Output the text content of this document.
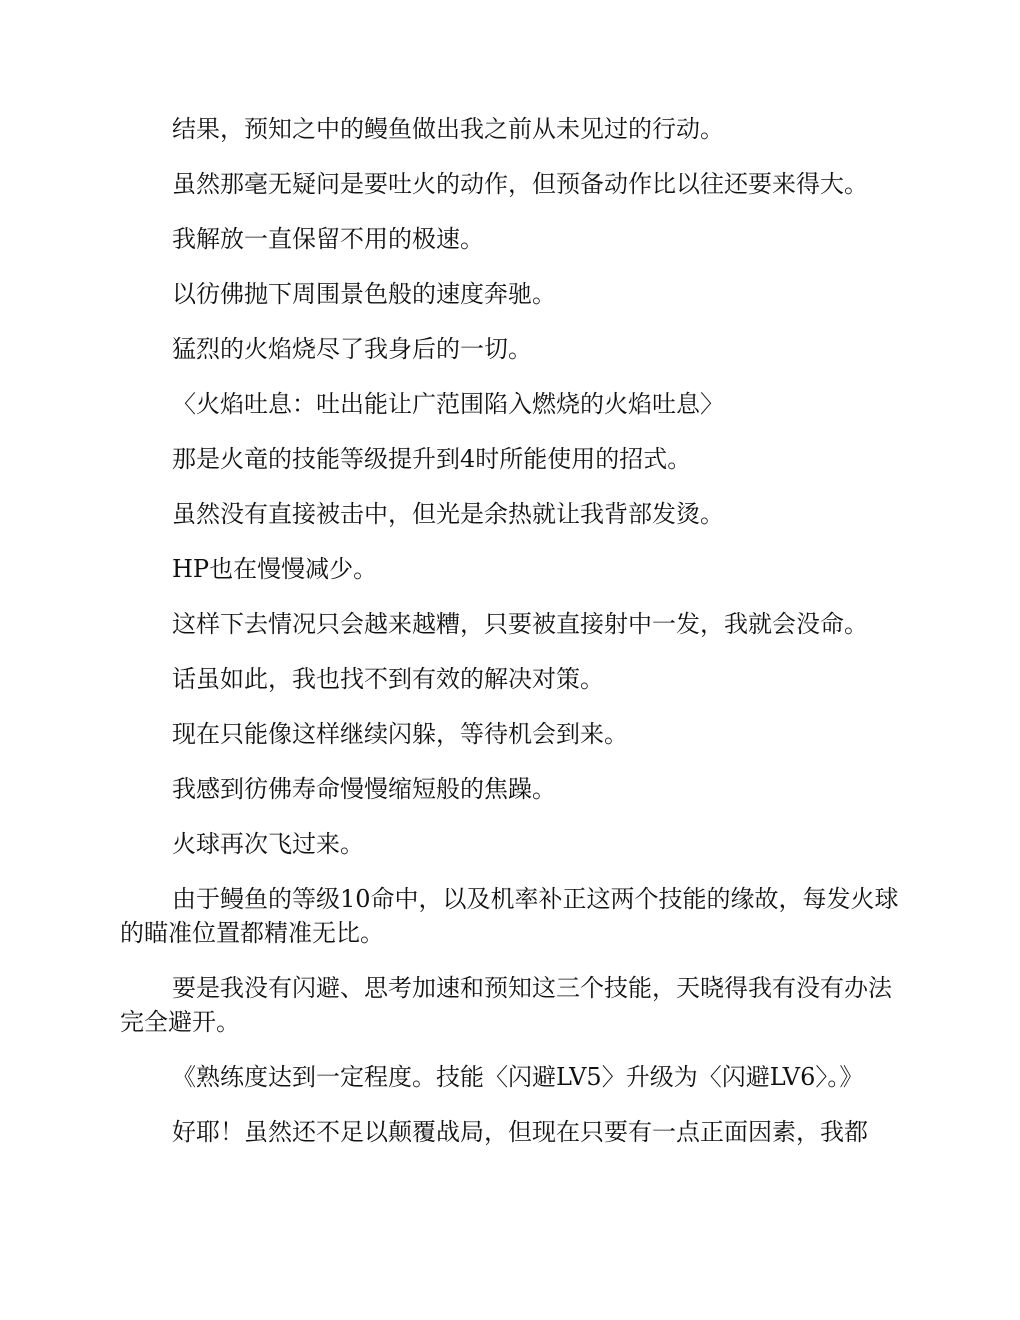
结果，预知之中的鳗鱼做出我之前从未见过的行动。

虽然那毫无疑问是要吐火的动作，但预备动作比以往还要来得大。

我解放一直保留不用的极速。

以彷佛抛下周围景色般的速度奔驰。

猛烈的火焰烧尽了我身后的一切。

〈火焰吐息：吐出能让广范围陷入燃烧的火焰吐息〉

那是火竜的技能等级提升到4时所能使用的招式。

虽然没有直接被击中，但光是余热就让我背部发烫。

HP也在慢慢减少。

这样下去情况只会越来越糟，只要被直接射中一发，我就会没命。

话虽如此，我也找不到有效的解决对策。

现在只能像这样继续闪躲，等待机会到来。

我感到彷佛寿命慢慢缩短般的焦躁。

火球再次飞过来。

由于鳗鱼的等级10命中，以及机率补正这两个技能的缘故，每发火球的瞄准位置都精准无比。

要是我没有闪避、思考加速和预知这三个技能，天晓得我有没有办法完全避开。

《熟练度达到一定程度。技能〈闪避LV5〉升级为〈闪避LV6〉。》

好耶！虽然还不足以颠覆战局，但现在只要有一点正面因素，我都
